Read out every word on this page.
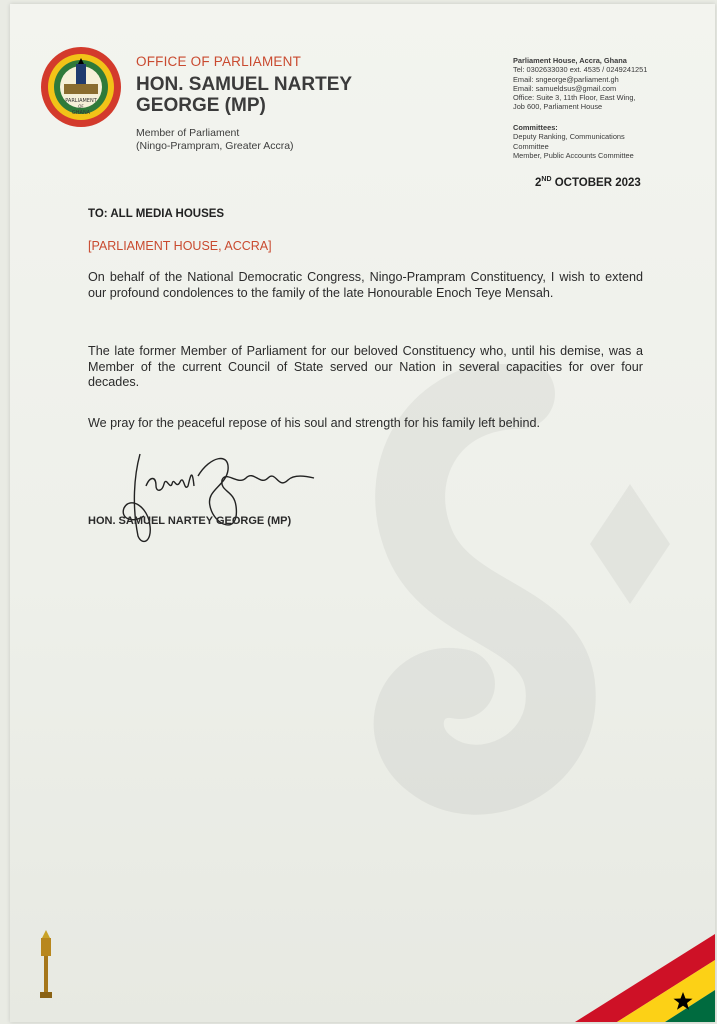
PARLIAMENT
OF
GHANA
OFFICE OF PARLIAMENT
HON. SAMUEL NARTEY GEORGE (MP)
Member of Parliament
(Ningo-Prampram, Greater Accra)
Parliament House, Accra, Ghana
Tel: 0302633030 ext. 4535 / 0249241251
Email: sngeorge@parliament.gh
Email: samueldsus@gmail.com
Office: Suite 3, 11th Floor, East Wing,
Job 600, Parliament House
Committees:
Deputy Ranking, Communications
Committee
Member, Public Accounts Committee
2ND OCTOBER 2023
TO: ALL MEDIA HOUSES
[PARLIAMENT HOUSE, ACCRA]
On behalf of the National Democratic Congress, Ningo-Prampram Constituency, I wish to extend our profound condolences to the family of the late Honourable Enoch Teye Mensah.
The late former Member of Parliament for our beloved Constituency who, until his demise, was a Member of the current Council of State served our Nation in several capacities for over four decades.
We pray for the peaceful repose of his soul and strength for his family left behind.
HON. SAMUEL NARTEY GEORGE (MP)
